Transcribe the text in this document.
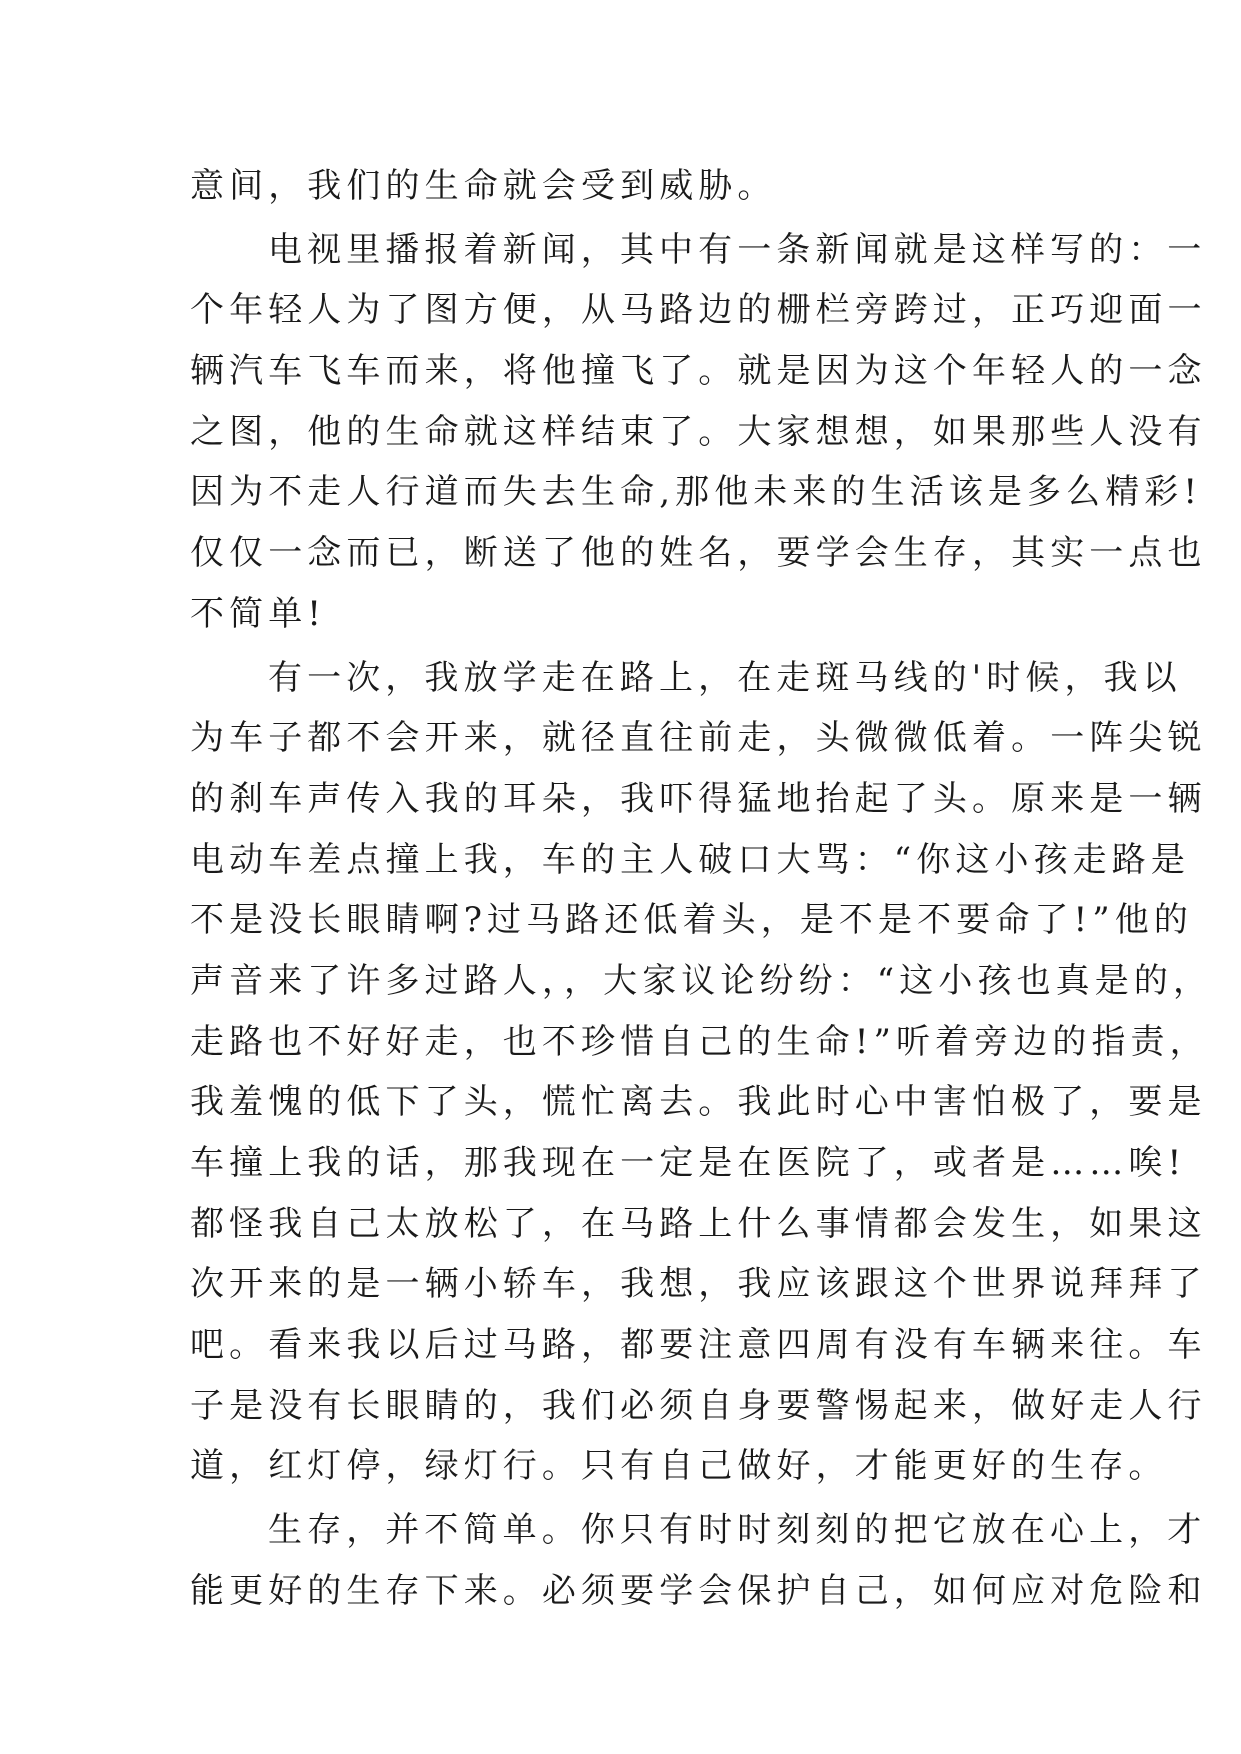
意间，我们的生命就会受到威胁。
电视里播报着新闻，其中有一条新闻就是这样写的：一
个年轻人为了图方便，从马路边的栅栏旁跨过，正巧迎面一
辆汽车飞车而来，将他撞飞了。就是因为这个年轻人的一念
之图，他的生命就这样结束了。大家想想，如果那些人没有
因为不走人行道而失去生命,那他未来的生活该是多么精彩!
仅仅一念而已，断送了他的姓名，要学会生存，其实一点也
不简单!
有一次，我放学走在路上，在走斑马线的'时候，我以
为车子都不会开来，就径直往前走，头微微低着。一阵尖锐
的刹车声传入我的耳朵，我吓得猛地抬起了头。原来是一辆
电动车差点撞上我，车的主人破口大骂：“你这小孩走路是
不是没长眼睛啊?过马路还低着头，是不是不要命了!”他的
声音来了许多过路人，，大家议论纷纷：“这小孩也真是的，
走路也不好好走，也不珍惜自己的生命!”听着旁边的指责，
我羞愧的低下了头，慌忙离去。我此时心中害怕极了，要是
车撞上我的话，那我现在一定是在医院了，或者是……唉!
都怪我自己太放松了，在马路上什么事情都会发生，如果这
次开来的是一辆小轿车，我想，我应该跟这个世界说拜拜了
吧。看来我以后过马路，都要注意四周有没有车辆来往。车
子是没有长眼睛的，我们必须自身要警惕起来，做好走人行
道，红灯停，绿灯行。只有自己做好，才能更好的生存。
生存，并不简单。你只有时时刻刻的把它放在心上，才
能更好的生存下来。必须要学会保护自己，如何应对危险和
